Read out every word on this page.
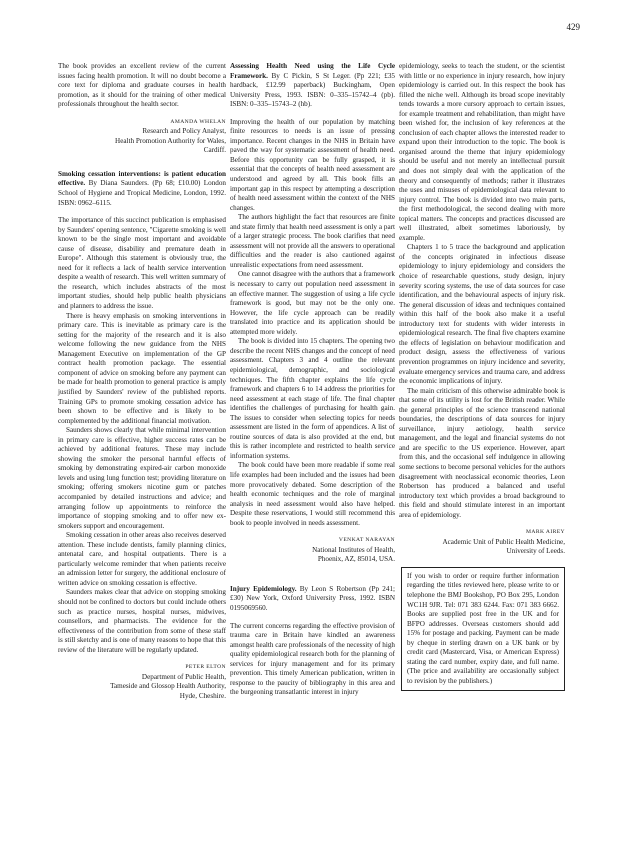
429

The book provides an excellent review of the current issues facing health promotion. It will no doubt become a core text for diploma and graduate courses in health promotion, as it should for the training of other medical professionals throughout the health sector.

AMANDA WHELAN
Research and Policy Analyst,
Health Promotion Authority for Wales,
Cardiff.

Smoking cessation interventions: is patient education effective. By Diana Saunders. (Pp 68; £10.00) London School of Hygiene and Tropical Medicine, London, 1992. ISBN: 0962–6115.

The importance of this succinct publication is emphasised by Saunders' opening sentence, "Cigarette smoking is well known to be the single most important and avoidable cause of disease, disability and premature death in Europe". Although this statement is obviously true, the need for it reflects a lack of health service intervention despite a wealth of research. This well written summary of the research, which includes abstracts of the most important studies, should help public health physicians and planners to address the issue.

There is heavy emphasis on smoking interventions in primary care. This is inevitable as primary care is the setting for the majority of the research and it is also welcome following the new guidance from the NHS Management Executive on implementation of the GP contract health promotion package. The essential component of advice on smoking before any payment can be made for health promotion to general practice is amply justified by Saunders' review of the published reports. Training GPs to promote smoking cessation advice has been shown to be effective and is likely to be complemented by the additional financial motivation.

Saunders shows clearly that while minimal intervention in primary care is effective, higher success rates can be achieved by additional features. These may include showing the smoker the personal harmful effects of smoking by demonstrating expired-air carbon monoxide levels and using lung function test; providing literature on smoking; offering smokers nicotine gum or patches accompanied by detailed instructions and advice; and arranging follow up appointments to reinforce the importance of stopping smoking and to offer new ex-smokers support and encouragement.

Smoking cessation in other areas also receives deserved attention. These include dentists, family planning clinics, antenatal care, and hospital outpatients. There is a particularly welcome reminder that when patients receive an admission letter for surgery, the additional enclosure of written advice on smoking cessation is effective.

Saunders makes clear that advice on stopping smoking should not be confined to doctors but could include others such as practice nurses, hospital nurses, midwives, counsellors, and pharmacists. The evidence for the effectiveness of the contribution from some of these staff is still sketchy and is one of many reasons to hope that this review of the literature will be regularly updated.

PETER ELTON
Department of Public Health,
Tameside and Glossop Health Authority,
Hyde, Cheshire.

Assessing Health Need using the Life Cycle Framework. By C Pickin, S St Leger. (Pp 221; £35 hardback, £12.99 paperback) Buckingham, Open University Press, 1993. ISBN: 0–335–15742–4 (pb). ISBN: 0–335–15743–2 (hb).

Improving the health of our population by matching finite resources to needs is an issue of pressing importance. Recent changes in the NHS in Britain have paved the way for systematic assessment of health need. Before this opportunity can be fully grasped, it is essential that the concepts of health need assessment are understood and agreed by all. This book fills an important gap in this respect by attempting a description of health need assessment within the context of the NHS changes.

The authors highlight the fact that resources are finite and state firmly that health need assessment is only a part of a larger strategic process. The book clarifies that need assessment will not provide all the answers to operational difficulties and the reader is also cautioned against unrealistic expectations from need assessment.

One cannot disagree with the authors that a framework is necessary to carry out population need assessment in an effective manner. The suggestion of using a life cycle framework is good, but may not be the only one. However, the life cycle approach can be readily translated into practice and its application should be attempted more widely.

The book is divided into 15 chapters. The opening two describe the recent NHS changes and the concept of need assessment. Chapters 3 and 4 outline the relevant epidemiological, demographic, and sociological techniques. The fifth chapter explains the life cycle framework and chapters 6 to 14 address the priorities for need assessment at each stage of life. The final chapter identifies the challenges of purchasing for health gain. The issues to consider when selecting topics for needs assessment are listed in the form of appendices. A list of routine sources of data is also provided at the end, but this is rather incomplete and restricted to health service information systems.

The book could have been more readable if some real life examples had been included and the issues had been more provocatively debated. Some description of the health economic techniques and the role of marginal analysis in need assessment would also have helped. Despite these reservations, I would still recommend this book to people involved in needs assessment.

VENKAT NARAYAN
National Institutes of Health,
Phoenix, AZ, 85014, USA.

Injury Epidemiology. By Leon S Robertson (Pp 241; £30) New York, Oxford University Press, 1992. ISBN 0195069560.

The current concerns regarding the effective provision of trauma care in Britain have kindled an awareness amongst health care professionals of the necessity of high quality epidemiological research both for the planning of services for injury management and for its primary prevention. This timely American publication, written in response to the paucity of bibliography in this area and the burgeoning transatlantic interest in injury

epidemiology, seeks to teach the student, or the scientist with little or no experience in injury research, how injury epidemiology is carried out. In this respect the book has filled the niche well. Although its broad scope inevitably tends towards a more cursory approach to certain issues, for example treatment and rehabilitation, than might have been wished for, the inclusion of key references at the conclusion of each chapter allows the interested reader to expand upon their introduction to the topic. The book is organised around the theme that injury epidemiology should be useful and not merely an intellectual pursuit and does not simply deal with the application of the theory and consequently of methods; rather it illustrates the uses and misuses of epidemiological data relevant to injury control. The book is divided into two main parts, the first methodological, the second dealing with more topical matters. The concepts and practices discussed are well illustrated, albeit sometimes laboriously, by example.

Chapters 1 to 5 trace the background and application of the concepts originated in infectious disease epidemiology to injury epidemiology and considers the choice of researchable questions, study design, injury severity scoring systems, the use of data sources for case identification, and the behavioural aspects of injury risk. The general discussion of ideas and techniques contained within this half of the book also make it a useful introductory text for students with wider interests in epidemiological research. The final five chapters examine the effects of legislation on behaviour modification and product design, assess the effectiveness of various prevention programmes on injury incidence and severity, evaluate emergency services and trauma care, and address the economic implications of injury.

The main criticism of this otherwise admirable book is that some of its utility is lost for the British reader. While the general principles of the science transcend national boundaries, the descriptions of data sources for injury surveillance, injury aetiology, health service management, and the legal and financial systems do not and are specific to the US experience. However, apart from this, and the occasional self indulgence in allowing some sections to become personal vehicles for the authors disagreement with neoclassical economic theories, Leon Robertson has produced a balanced and useful introductory text which provides a broad background to this field and should stimulate interest in an important area of epidemiology.

MARK AIREY
Academic Unit of Public Health Medicine,
University of Leeds.

If you wish to order or require further information regarding the titles reviewed here, please write to or telephone the BMJ Bookshop, PO Box 295, London WC1H 9JR. Tel: 071 383 6244. Fax: 071 383 6662. Books are supplied post free in the UK and for BFPO addresses. Overseas customers should add 15% for postage and packing. Payment can be made by cheque in sterling drawn on a UK bank or by credit card (Mastercard, Visa, or American Express) stating the card number, expiry date, and full name. (The price and availability are occasionally subject to revision by the publishers.)
